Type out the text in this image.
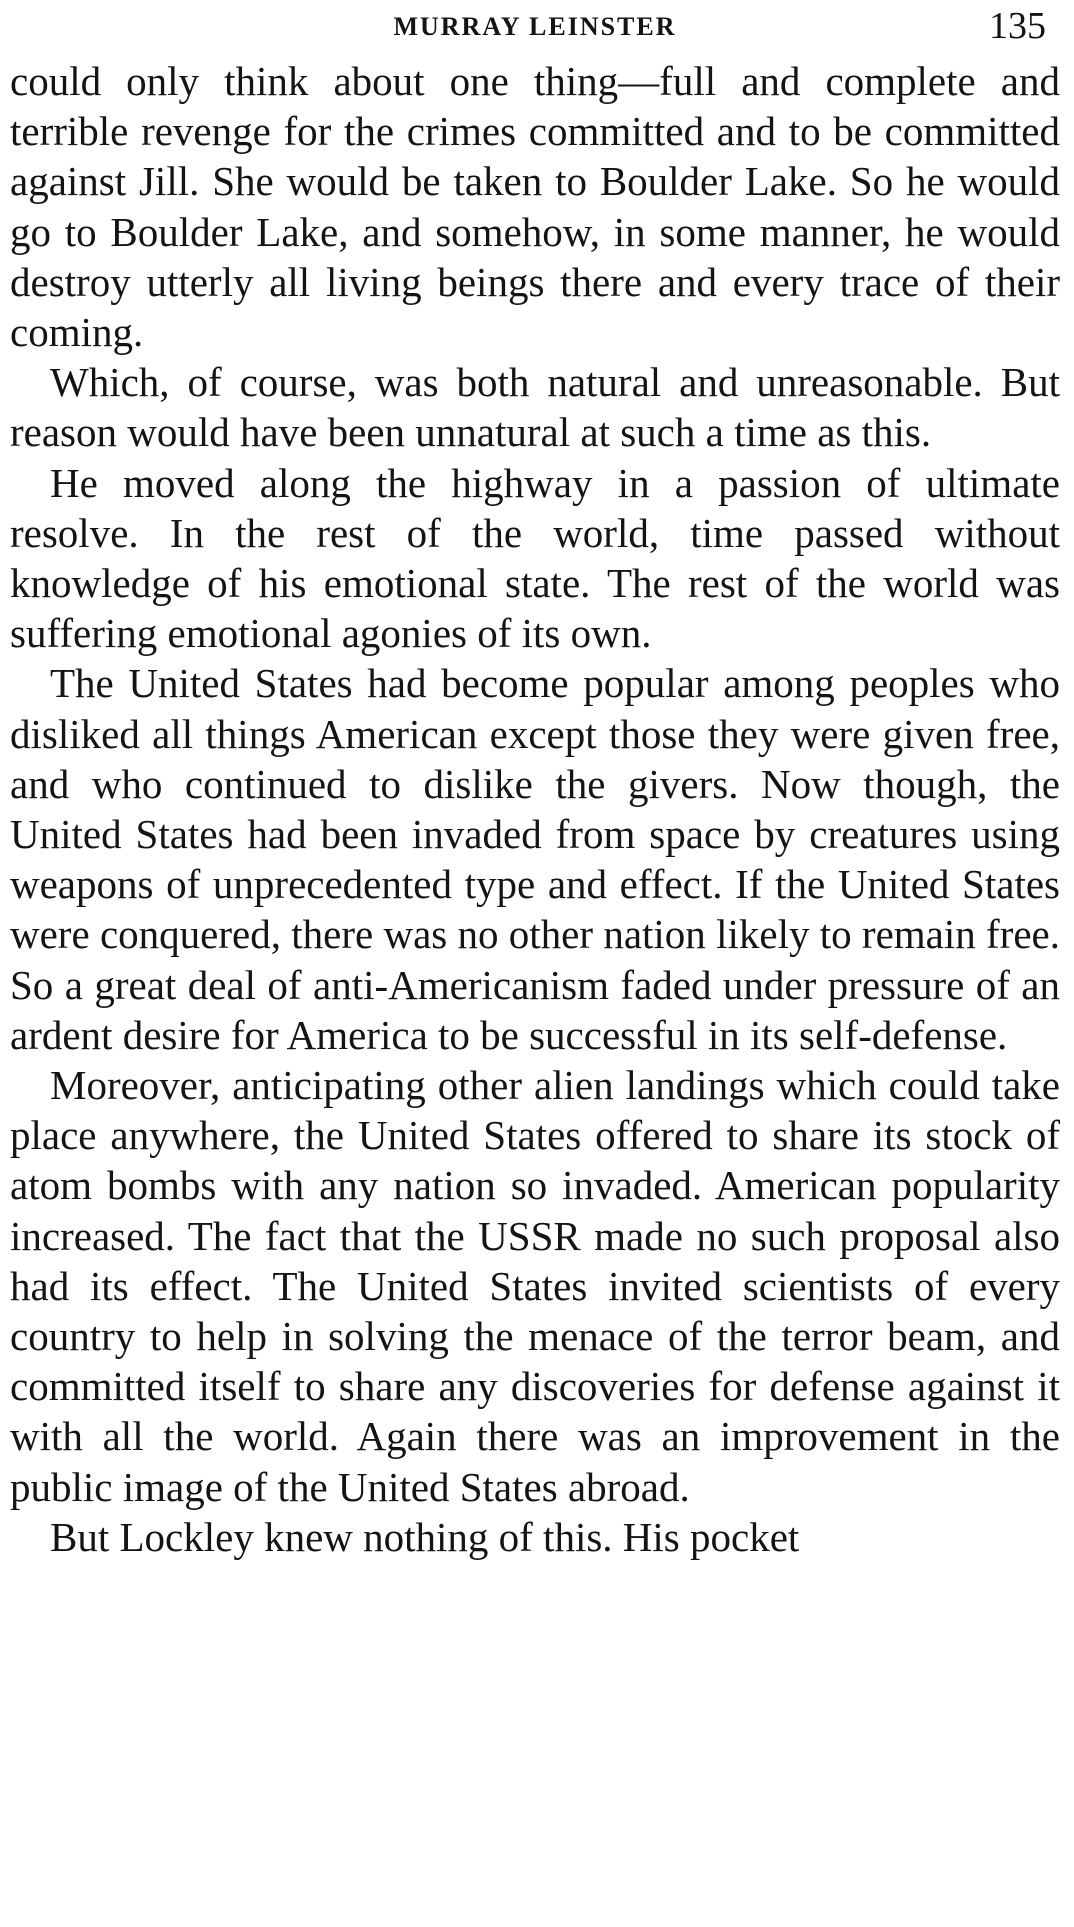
MURRAY LEINSTER	135

could only think about one thing—full and complete and terrible revenge for the crimes committed and to be committed against Jill. She would be taken to Boulder Lake. So he would go to Boulder Lake, and somehow, in some manner, he would destroy utterly all living beings there and every trace of their coming.

Which, of course, was both natural and unreasonable. But reason would have been unnatural at such a time as this.

He moved along the highway in a passion of ultimate resolve. In the rest of the world, time passed without knowledge of his emotional state. The rest of the world was suffering emotional agonies of its own.

The United States had become popular among peoples who disliked all things American except those they were given free, and who continued to dislike the givers. Now though, the United States had been invaded from space by creatures using weapons of unprecedented type and effect. If the United States were conquered, there was no other nation likely to remain free. So a great deal of anti-Americanism faded under pressure of an ardent desire for America to be successful in its self-defense.

Moreover, anticipating other alien landings which could take place anywhere, the United States offered to share its stock of atom bombs with any nation so invaded. American popularity increased. The fact that the USSR made no such proposal also had its effect. The United States invited scientists of every country to help in solving the menace of the terror beam, and committed itself to share any discoveries for defense against it with all the world. Again there was an improvement in the public image of the United States abroad.

But Lockley knew nothing of this. His pocket
